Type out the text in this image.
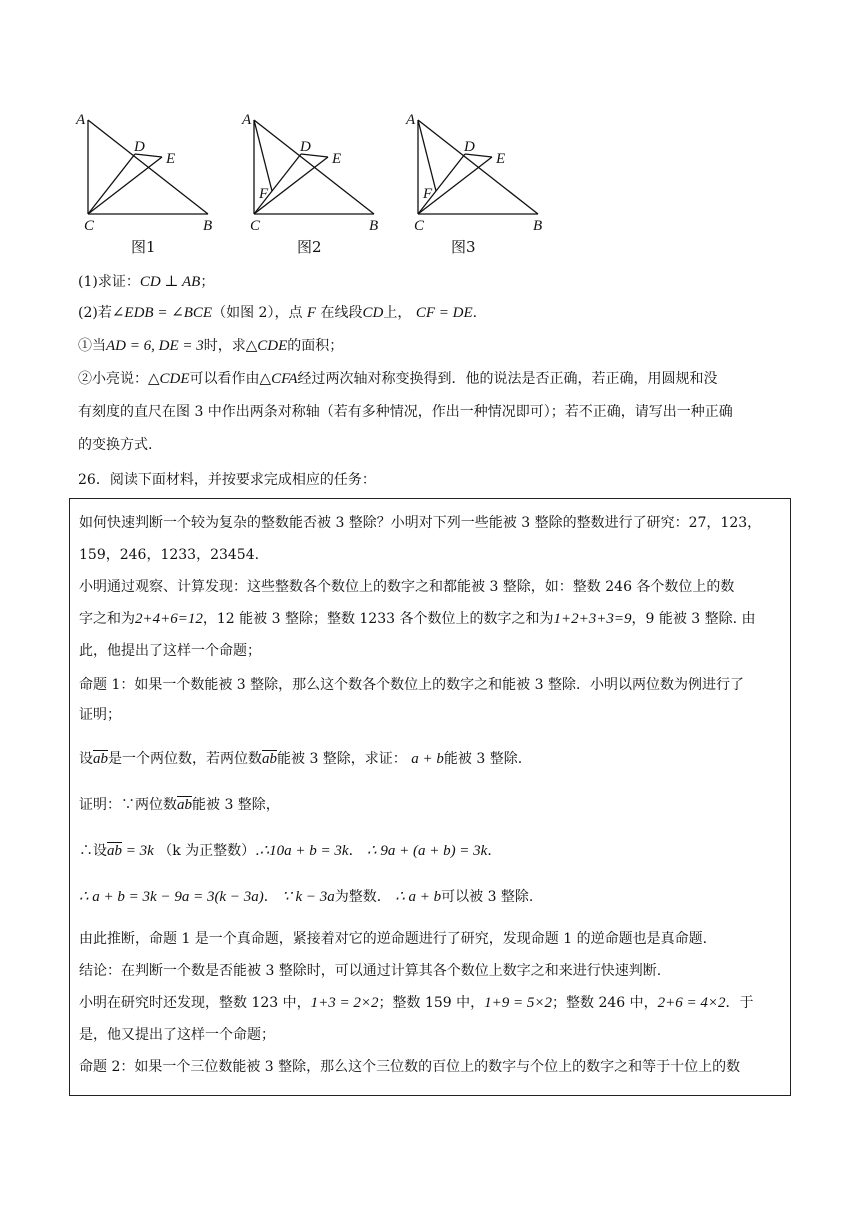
A
D
E
C	B
图1
A
D
E
F
C	B
图2
A
D
E
F
C	B
图3
(1)求证：CD ⊥ AB；
(2)若∠EDB = ∠BCE（如图 2），点 F 在线段CD上， CF = DE.
①当AD = 6, DE = 3时，求△CDE的面积；
②小亮说：△CDE可以看作由△CFA经过两次轴对称变换得到．他的说法是否正确，若正确，用圆规和没
有刻度的直尺在图 3 中作出两条对称轴（若有多种情况，作出一种情况即可）；若不正确，请写出一种正确
的变换方式.
26．阅读下面材料，并按要求完成相应的任务：
如何快速判断一个较为复杂的整数能否被 3 整除？小明对下列一些能被 3 整除的整数进行了研究：27，123，
159，246，1233，23454.
小明通过观察、计算发现：这些整数各个数位上的数字之和都能被 3 整除，如：整数 246 各个数位上的数
字之和为2+4+6=12，12 能被 3 整除；整数 1233 各个数位上的数字之和为1+2+3+3=9，9 能被 3 整除. 由
此，他提出了这样一个命题；
命题 1：如果一个数能被 3 整除，那么这个数各个数位上的数字之和能被 3 整除．小明以两位数为例进行了
证明；
设$\overline{ab}$是一个两位数，若两位数$\overline{ab}$能被 3 整除，求证： a + b能被 3 整除.
证明：∵两位数$\overline{ab}$能被 3 整除，
∴设$\overline{ab} = 3k$ （k 为正整数）.∴10a + b = 3k． ∴ 9a + (a + b) = 3k．
∴ a + b = 3k − 9a = 3(k − 3a)． ∵ k − 3a为整数． ∴ a + b可以被 3 整除.
由此推断，命题 1 是一个真命题，紧接着对它的逆命题进行了研究，发现命题 1 的逆命题也是真命题.
结论：在判断一个数是否能被 3 整除时，可以通过计算其各个数位上数字之和来进行快速判断.
小明在研究时还发现，整数 123 中，1+3 = 2×2；整数 159 中，1+9 = 5×2；整数 246 中，2+6 = 4×2．于
是，他又提出了这样一个命题；
命题 2：如果一个三位数能被 3 整除，那么这个三位数的百位上的数字与个位上的数字之和等于十位上的数
